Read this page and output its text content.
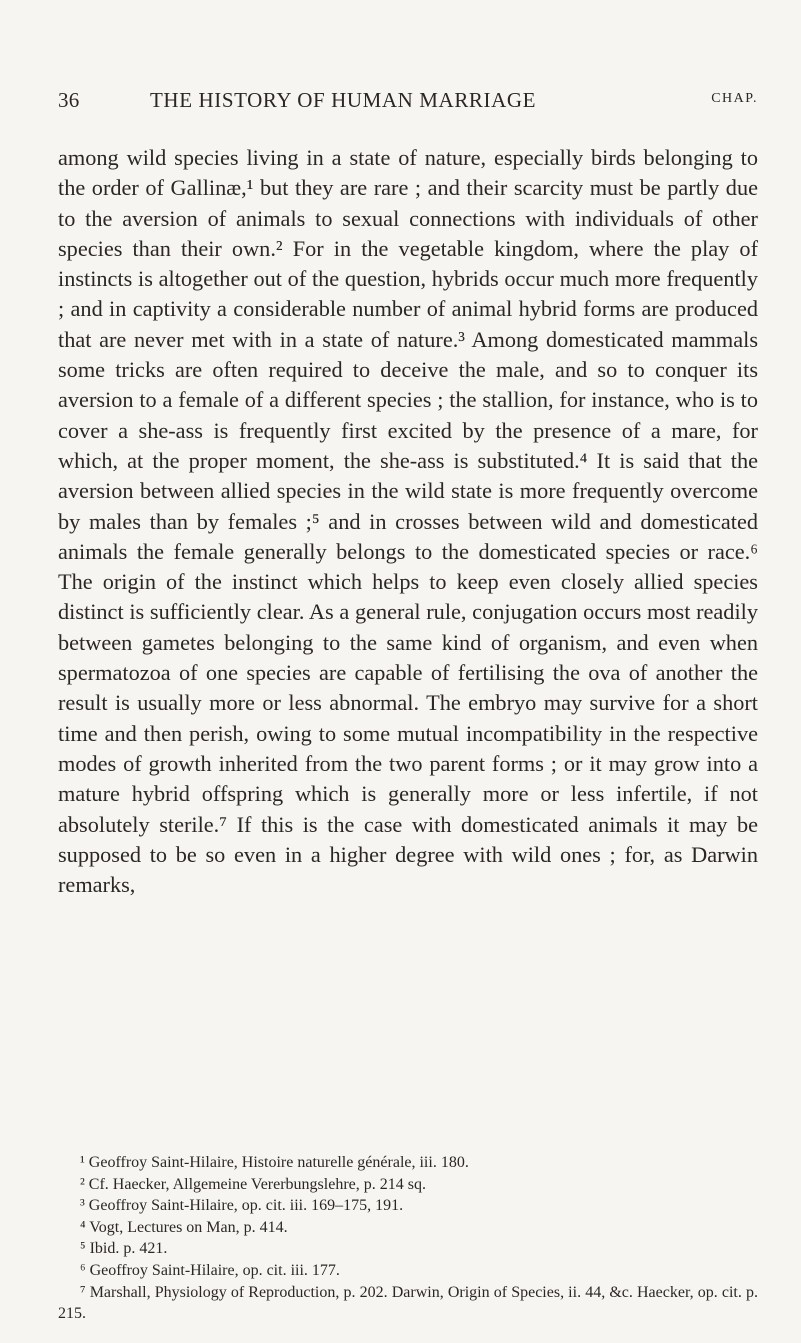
36	THE HISTORY OF HUMAN MARRIAGE	CHAP.

among wild species living in a state of nature, especially birds belonging to the order of Gallinæ,¹ but they are rare ; and their scarcity must be partly due to the aversion of animals to sexual connections with individuals of other species than their own.² For in the vegetable kingdom, where the play of instincts is altogether out of the question, hybrids occur much more frequently ; and in captivity a considerable number of animal hybrid forms are produced that are never met with in a state of nature.³ Among domesticated mammals some tricks are often required to deceive the male, and so to conquer its aversion to a female of a different species ; the stallion, for instance, who is to cover a she-ass is frequently first excited by the presence of a mare, for which, at the proper moment, the she-ass is substituted.⁴ It is said that the aversion between allied species in the wild state is more frequently overcome by males than by females ;⁵ and in crosses between wild and domesticated animals the female generally belongs to the domesticated species or race.⁶

The origin of the instinct which helps to keep even closely allied species distinct is sufficiently clear. As a general rule, conjugation occurs most readily between gametes belonging to the same kind of organism, and even when spermatozoa of one species are capable of fertilising the ova of another the result is usually more or less abnormal. The embryo may survive for a short time and then perish, owing to some mutual incompatibility in the respective modes of growth inherited from the two parent forms ; or it may grow into a mature hybrid offspring which is generally more or less infertile, if not absolutely sterile.⁷ If this is the case with domesticated animals it may be supposed to be so even in a higher degree with wild ones ; for, as Darwin remarks,

¹ Geoffroy Saint-Hilaire, Histoire naturelle générale, iii. 180.

² Cf. Haecker, Allgemeine Vererbungslehre, p. 214 sq.

³ Geoffroy Saint-Hilaire, op. cit. iii. 169–175, 191.

⁴ Vogt, Lectures on Man, p. 414.

⁵ Ibid. p. 421.

⁶ Geoffroy Saint-Hilaire, op. cit. iii. 177.

⁷ Marshall, Physiology of Reproduction, p. 202. Darwin, Origin of Species, ii. 44, &c. Haecker, op. cit. p. 215.
